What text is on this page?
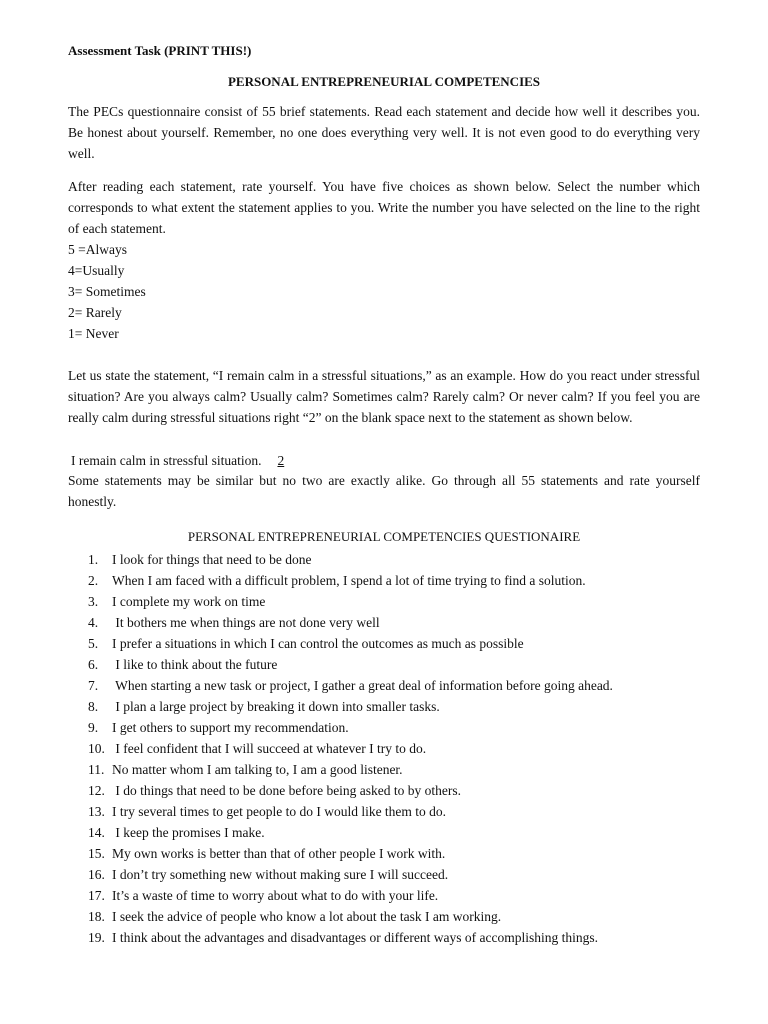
Assessment Task (PRINT THIS!)
PERSONAL ENTREPRENEURIAL COMPETENCIES
The PECs questionnaire consist of 55 brief statements. Read each statement and decide how well it describes you. Be honest about yourself. Remember, no one does everything very well. It is not even good to do everything very well.
After reading each statement, rate yourself. You have five choices as shown below. Select the number which corresponds to what extent the statement applies to you. Write the number you have selected on the line to the right of each statement.
5 =Always
4=Usually
3= Sometimes
2= Rarely
1= Never
Let us state the statement, “I remain calm in a stressful situations,” as an example. How do you react under stressful situation? Are you always calm? Usually calm? Sometimes calm? Rarely calm? Or never calm? If you feel you are really calm during stressful situations right “2” on the blank space next to the statement as shown below.
I remain calm in stressful situation. 2
Some statements may be similar but no two are exactly alike. Go through all 55 statements and rate yourself honestly.
PERSONAL ENTREPRENEURIAL COMPETENCIES QUESTIONAIRE
1. I look for things that need to be done
2. When I am faced with a difficult problem, I spend a lot of time trying to find a solution.
3. I complete my work on time
4. It bothers me when things are not done very well
5. I prefer a situations in which I can control the outcomes as much as possible
6. I like to think about the future
7. When starting a new task or project, I gather a great deal of information before going ahead.
8. I plan a large project by breaking it down into smaller tasks.
9. I get others to support my recommendation.
10. I feel confident that I will succeed at whatever I try to do.
11. No matter whom I am talking to, I am a good listener.
12. I do things that need to be done before being asked to by others.
13. I try several times to get people to do I would like them to do.
14. I keep the promises I make.
15. My own works is better than that of other people I work with.
16. I don’t try something new without making sure I will succeed.
17. It’s a waste of time to worry about what to do with your life.
18. I seek the advice of people who know a lot about the task I am working.
19. I think about the advantages and disadvantages or different ways of accomplishing things.
